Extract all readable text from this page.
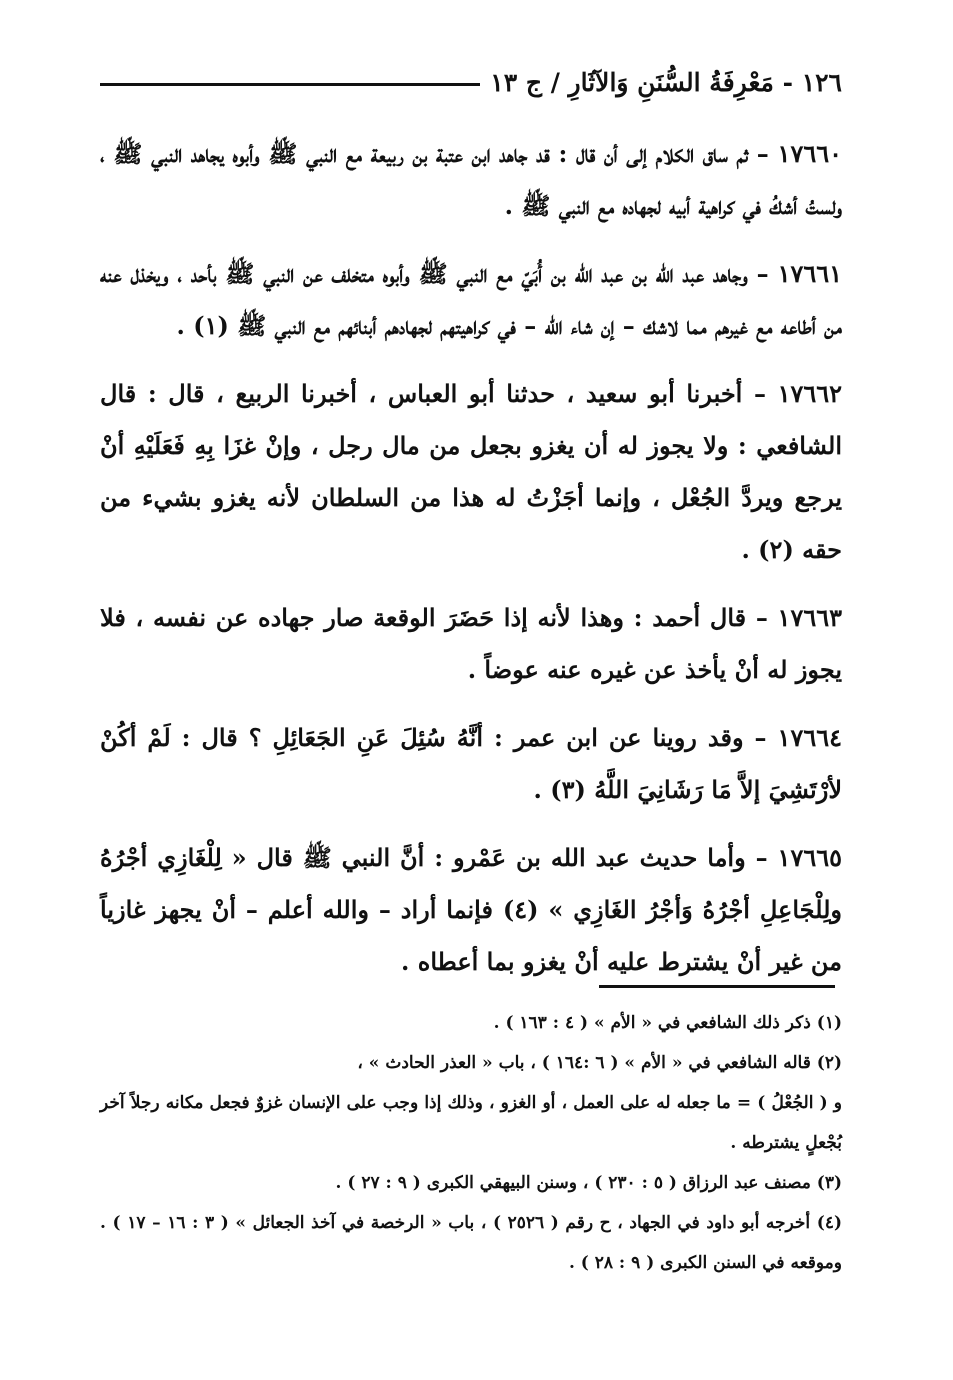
١٢٦ - مَعْرِفَةُ السُّنَنِ وَالآثَارِ / ج ١٣

١٧٦٦٠ – ثم ساق الكلام إلى أن قال : قد جاهد ابن عتبة بن ربيعة مع النبي ﷺ وأبوه يجاهد النبي ﷺ ، ولستُ أشكُ في كراهية أبيه لجهاده مع النبي ﷺ .

١٧٦٦١ – وجاهد عبد الله بن عبد الله بن أُبَيّ مع النبي ﷺ وأبوه متخلف عن النبي ﷺ بأحد ، ويخذل عنه من أطاعه مع غيرهم مما لاشك – إن شاء الله – في كراهيتهم لجهادهم أبنائهم مع النبي ﷺ (١) .

١٧٦٦٢ – أخبرنا أبو سعيد ، حدثنا أبو العباس ، أخبرنا الربيع ، قال : قال الشافعي : ولا يجوز له أن يغزو بجعل من مال رجل ، وإنْ غزَا بِهِ فَعَلَيْهِ أنْ يرجع ويردَّ الجُعْل ، وإنما أجَزْتُ له هذا من السلطان لأنه يغزو بشيء من حقه (٢) .

١٧٦٦٣ – قال أحمد : وهذا لأنه إذا حَضَرَ الوقعة صار جهاده عن نفسه ، فلا يجوز له أنْ يأخذ عن غيره عنه عوضاً .

١٧٦٦٤ – وقد روينا عن ابن عمر : أنَّهُ سُئِلَ عَنِ الجَعَائِلِ ؟ قال : لَمْ أكُنْ لأرْتَشِيَ إلاَّ مَا رَشَانِيَ اللَّهُ (٣) .

١٧٦٦٥ – وأما حديث عبد الله بن عَمْرو : أنَّ النبي ﷺ قال « لِلْغَازِي أجْرُهُ ولِلْجَاعِلِ أجْرُهُ وَأجْرُ الغَازِي » (٤) فإنما أراد – والله أعلم – أنْ يجهز غازياً من غير أنْ يشترط عليه أنْ يغزو بما أعطاه .

(١) ذكر ذلك الشافعي في « الأم » ( ٤ : ١٦٣ ) .

(٢) قاله الشافعي في « الأم » ( ٦ :١٦٤ ) ، باب « العذر الحادث » ،

و ( الجُعْلُ ) = ما جعله له على العمل ، أو الغزو ، وذلك إذا وجب على الإنسان غزوٌ فجعل مكانه رجلاً آخر بُجْعلٍ يشترطه .

(٣) مصنف عبد الرزاق ( ٥ : ٢٣٠ ) ، وسنن البيهقي الكبرى ( ٩ : ٢٧ ) .

(٤) أخرجه أبو داود في الجهاد ، ح رقم ( ٢٥٢٦ ) ، باب « الرخصة في آخذ الجعائل » ( ٣ : ١٦ – ١٧ ) . وموقعه في السنن الكبرى ( ٩ : ٢٨ ) .
